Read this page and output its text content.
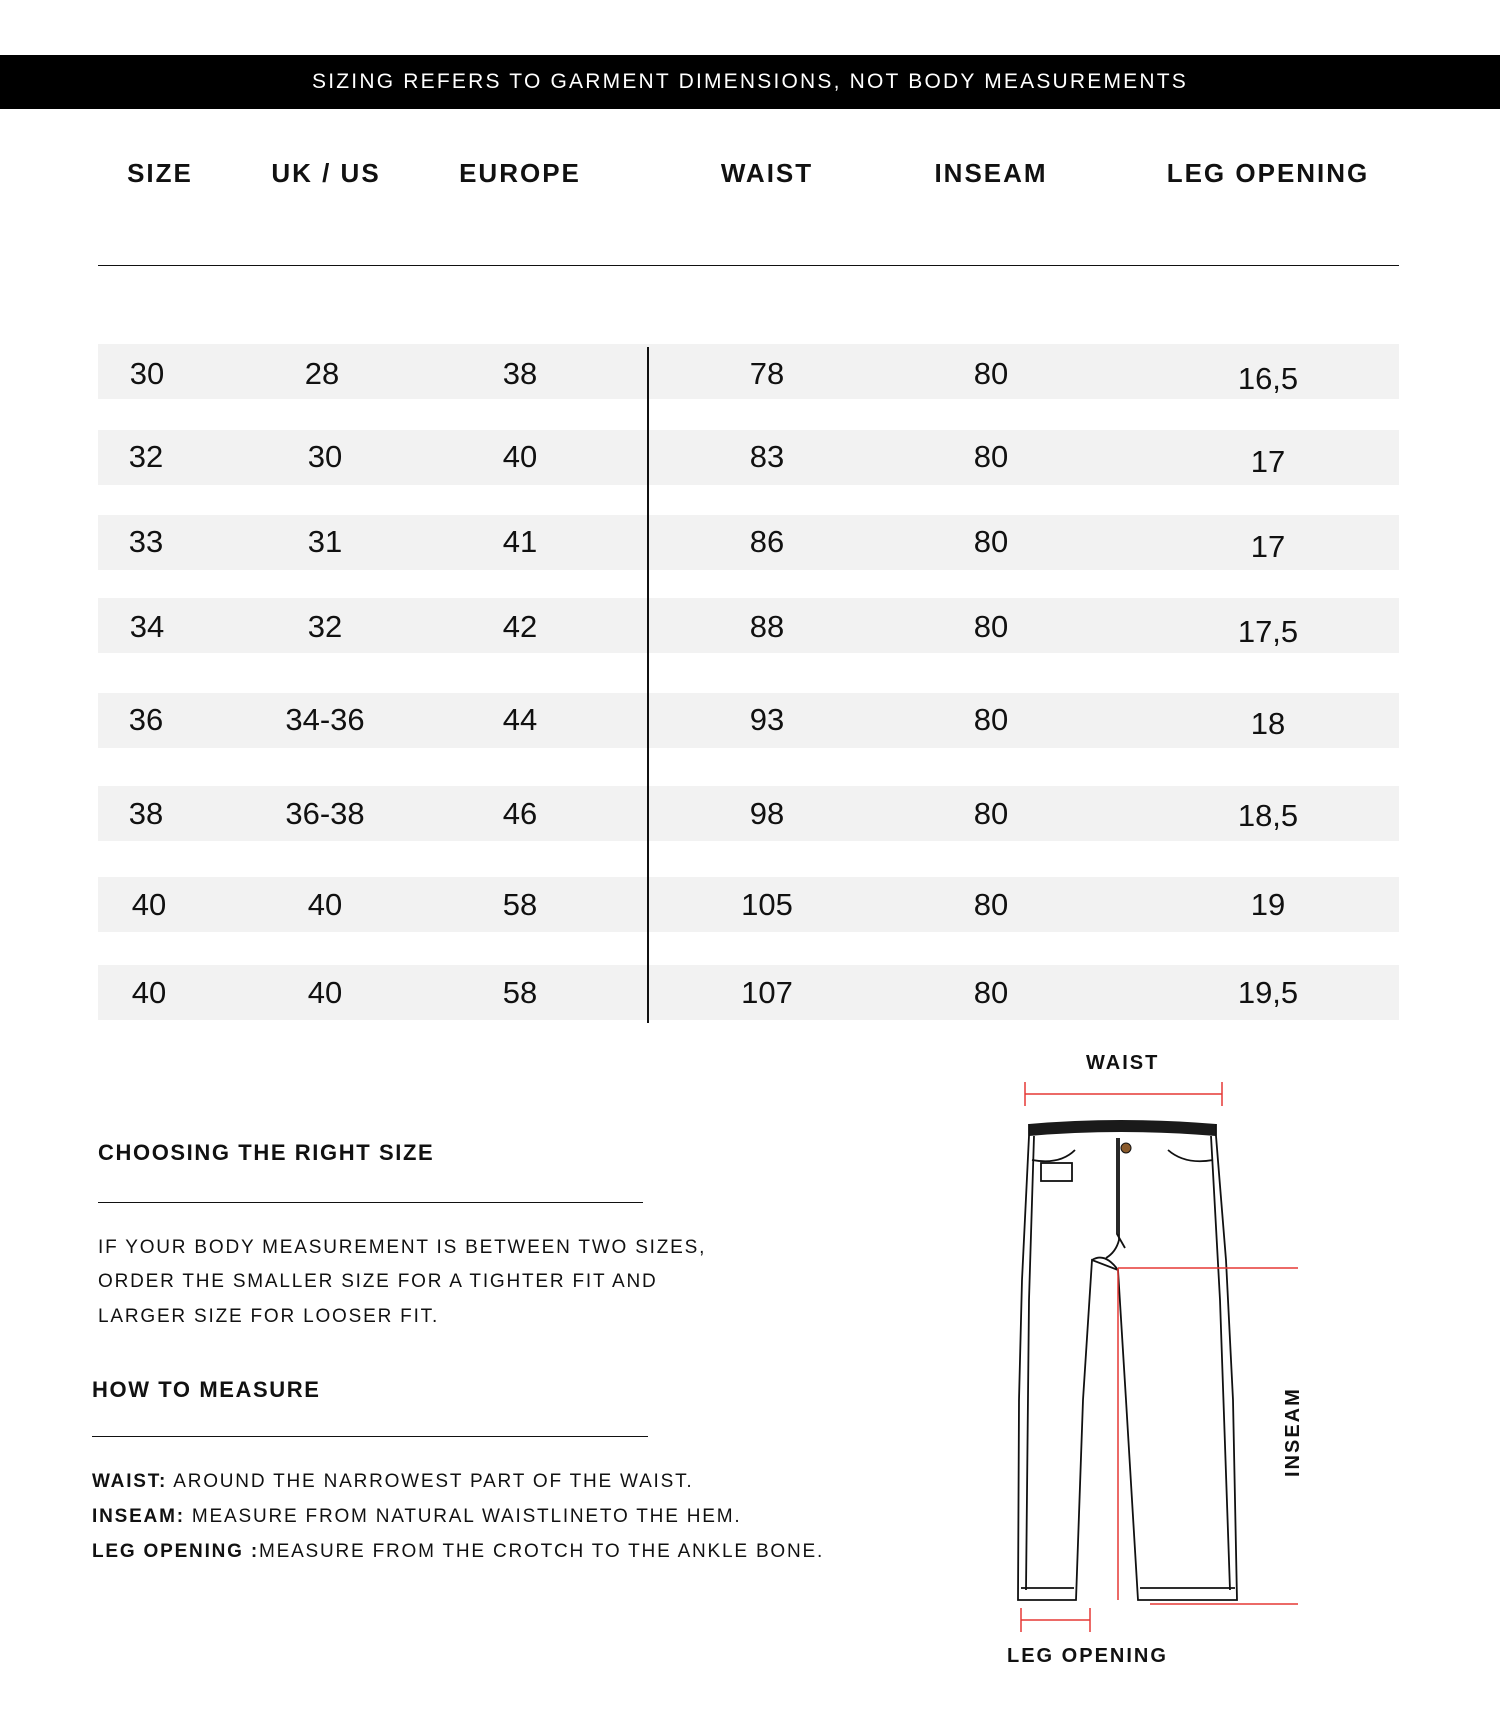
SIZING REFERS TO GARMENT DIMENSIONS, NOT BODY MEASUREMENTS
SIZE	UK / US	EUROPE	WAIST	INSEAM	LEG OPENING
30	28	38	78	80	16,5
32	30	40	83	80	17
33	31	41	86	80	17
34	32	42	88	80	17,5
36	34-36	44	93	80	18
38	36-38	46	98	80	18,5
40	40	58	105	80	19
40	40	58	107	80	19,5
CHOOSING THE RIGHT SIZE
IF YOUR BODY MEASUREMENT IS BETWEEN TWO SIZES,
ORDER THE SMALLER SIZE FOR A TIGHTER FIT AND
LARGER SIZE FOR LOOSER FIT.
HOW TO MEASURE
WAIST: AROUND THE NARROWEST PART OF THE WAIST.
INSEAM: MEASURE FROM NATURAL WAISTLINETO THE HEM.
LEG OPENING :MEASURE FROM THE CROTCH TO THE ANKLE BONE.
WAIST
INSEAM
LEG OPENING
